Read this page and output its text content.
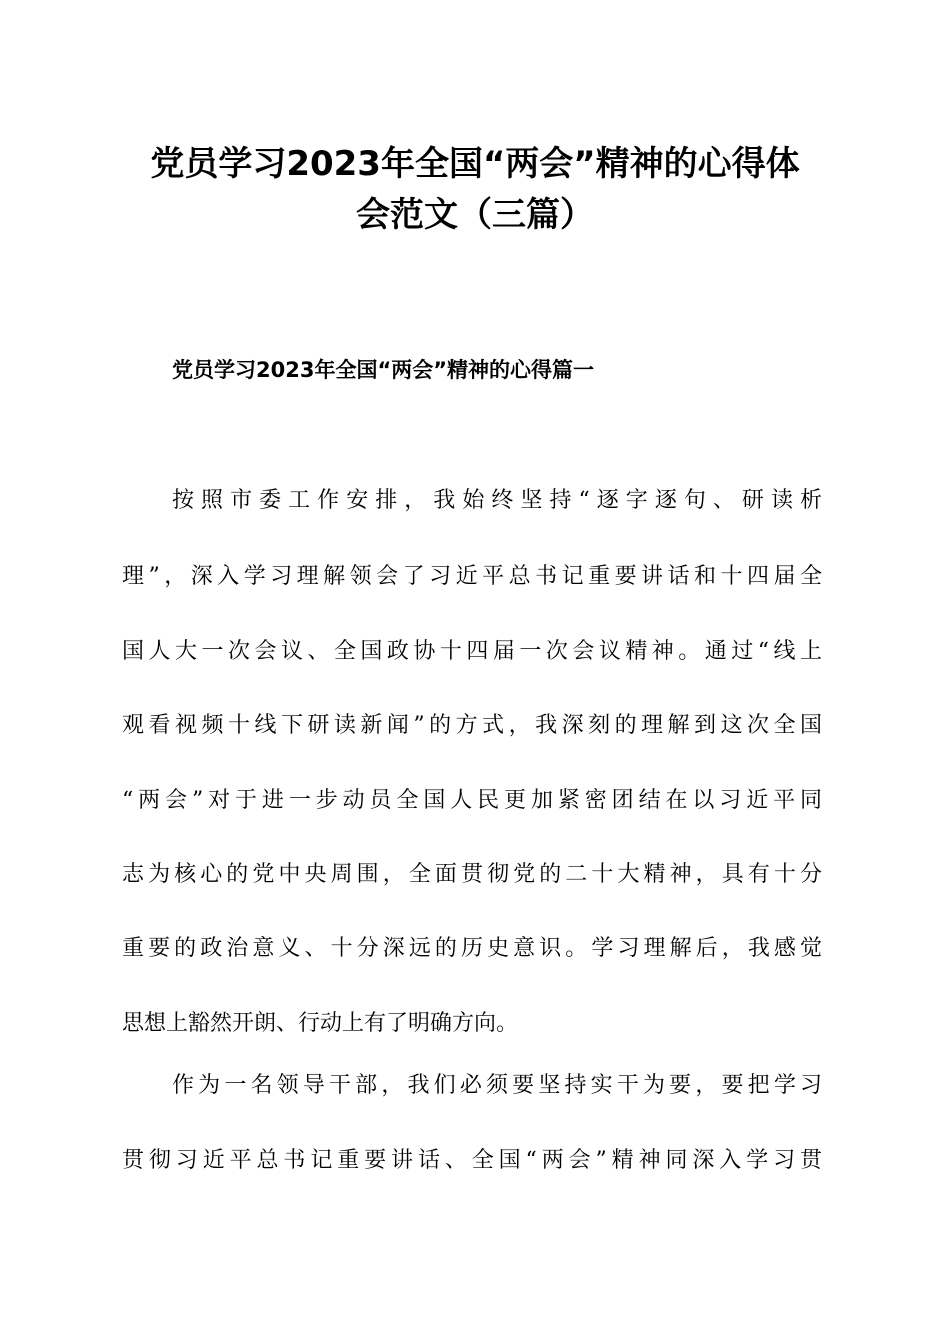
党员学习2023年全国“两会”精神的心得体
会范文（三篇）
党员学习2023年全国“两会”精神的心得篇一
按照市委工作安排，我始终坚持“逐字逐句、研读析
理”，深入学习理解领会了习近平总书记重要讲话和十四届全
国人大一次会议、全国政协十四届一次会议精神。通过“线上
观看视频十线下研读新闻”的方式，我深刻的理解到这次全国
“两会”对于进一步动员全国人民更加紧密团结在以习近平同
志为核心的党中央周围，全面贯彻党的二十大精神，具有十分
重要的政治意义、十分深远的历史意识。学习理解后，我感觉
思想上豁然开朗、行动上有了明确方向。
作为一名领导干部，我们必须要坚持实干为要，要把学习
贯彻习近平总书记重要讲话、全国“两会”精神同深入学习贯
